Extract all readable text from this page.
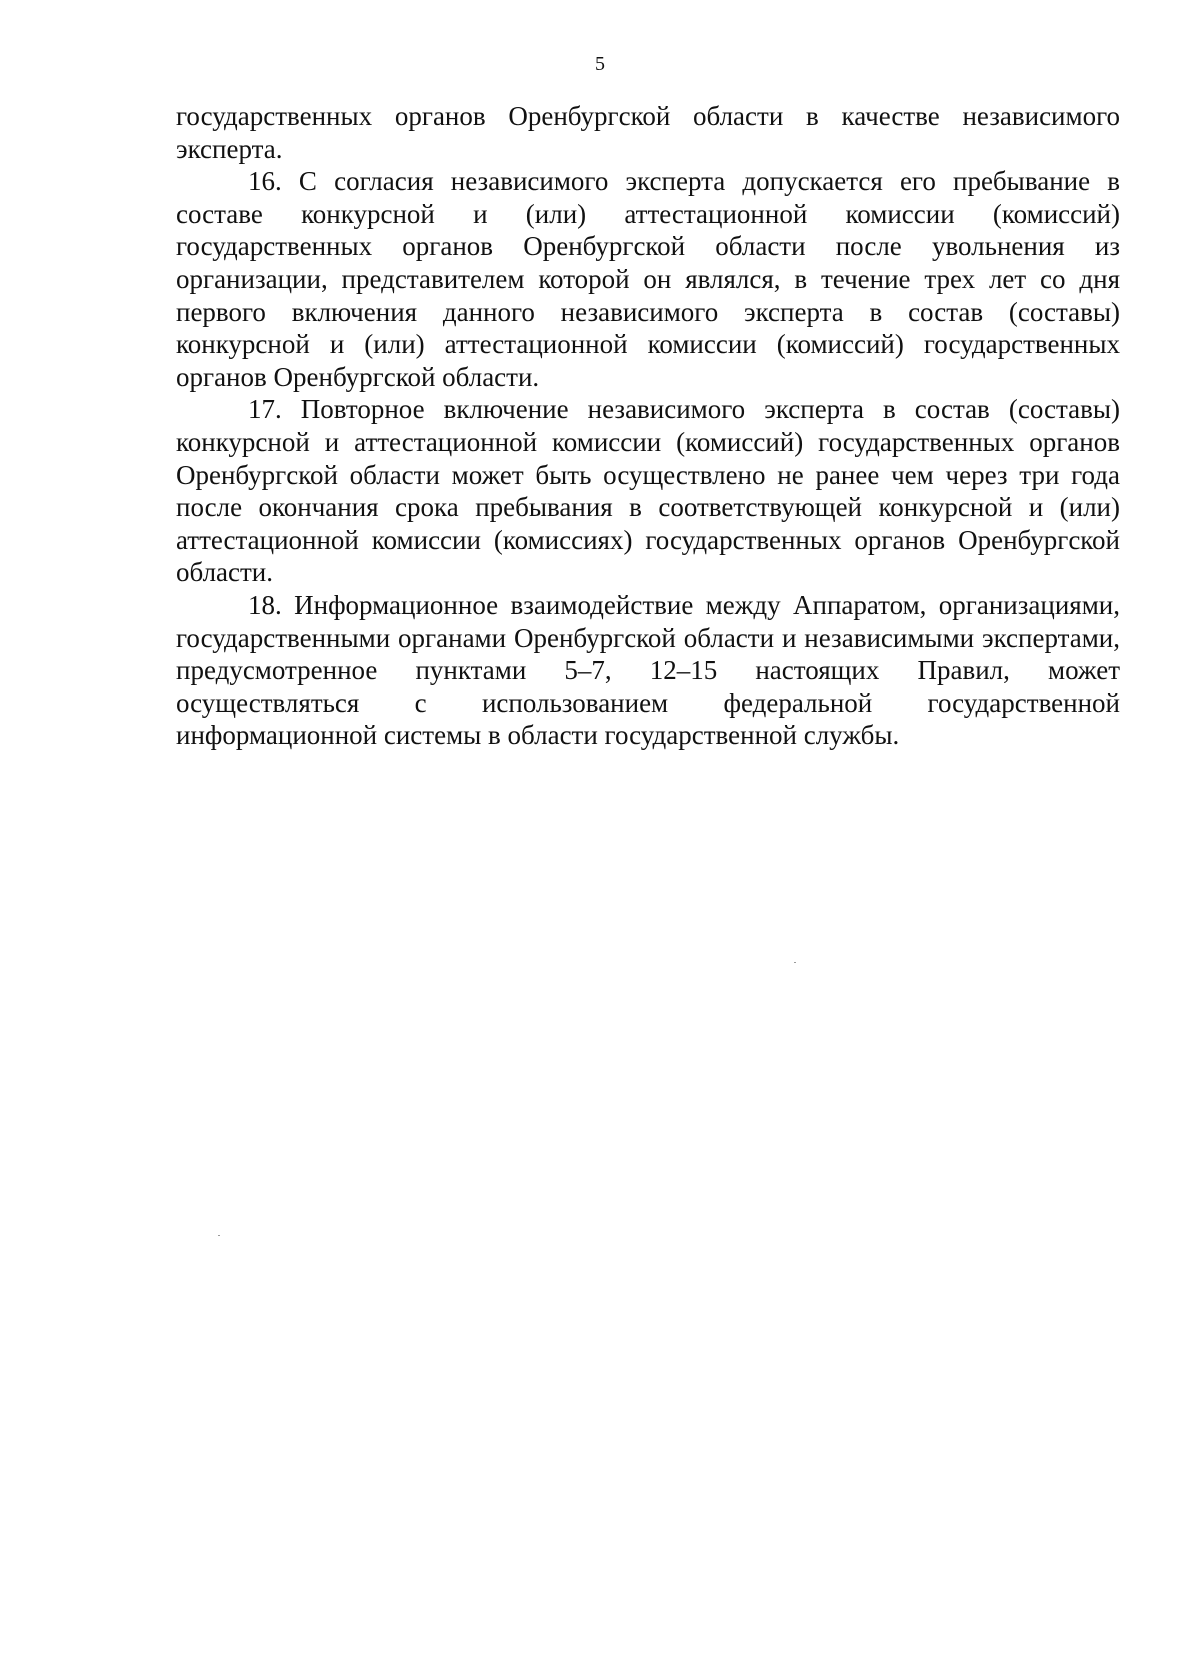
5

государственных органов Оренбургской области в качестве независимого эксперта.

16. С согласия независимого эксперта допускается его пребывание в составе конкурсной и (или) аттестационной комиссии (комиссий) государственных органов Оренбургской области после увольнения из организации, представителем которой он являлся, в течение трех лет со дня первого включения данного независимого эксперта в состав (составы) конкурсной и (или) аттестационной комиссии (комиссий) государственных органов Оренбургской области.

17. Повторное включение независимого эксперта в состав (составы) конкурсной и аттестационной комиссии (комиссий) государственных органов Оренбургской области может быть осуществлено не ранее чем через три года после окончания срока пребывания в соответствующей конкурсной и (или) аттестационной комиссии (комиссиях) государственных органов Оренбургской области.

18. Информационное взаимодействие между Аппаратом, организациями, государственными органами Оренбургской области и независимыми экспертами, предусмотренное пунктами 5–7, 12–15 настоящих Правил, может осуществляться с использованием федеральной государственной информационной системы в области государственной службы.
